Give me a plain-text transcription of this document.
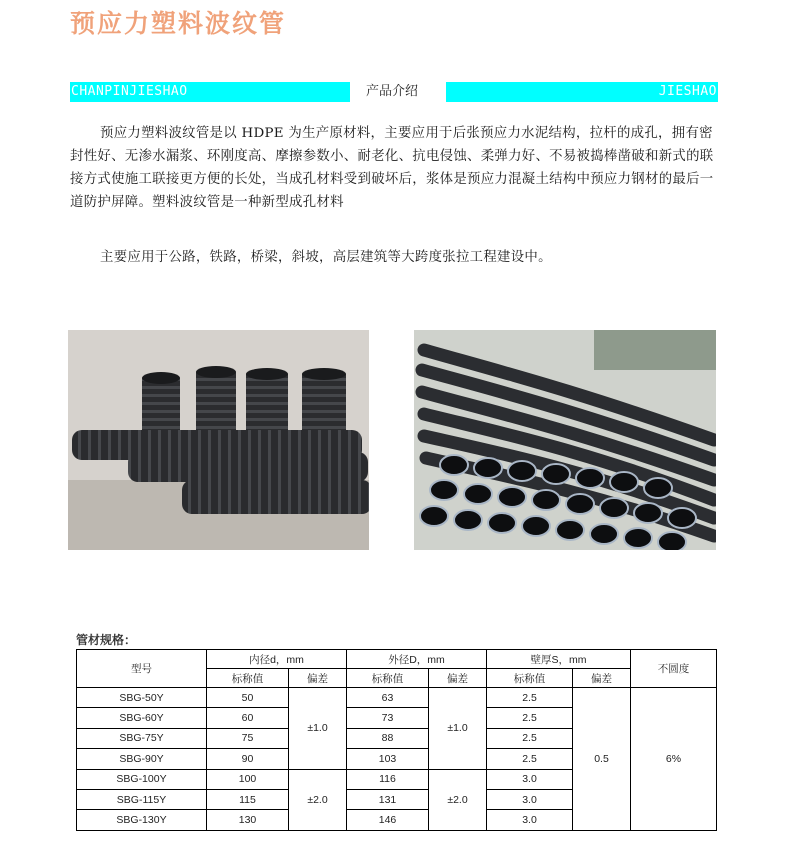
预应力塑料波纹管
CHANPINJIESHAO	产品介绍	JIESHAO

预应力塑料波纹管是以 HDPE 为生产原材料，主要应用于后张预应力水泥结构，拉杆的成孔，拥有密封性好、无渗水漏浆、环刚度高、摩擦参数小、耐老化、抗电侵蚀、柔弹力好、不易被捣棒凿破和新式的联接方式使施工联接更方便的长处，当成孔材料受到破坏后，浆体是预应力混凝土结构中预应力钢材的最后一道防护屏障。塑料波纹管是一种新型成孔材料

主要应用于公路，铁路，桥梁，斜坡，高层建筑等大跨度张拉工程建设中。

管材规格：
型号	内径d，mm		外径D，mm		壁厚S，mm		不圆度
	标称值	偏差	标称值	偏差	标称值	偏差	
SBG-50Y	50	±1.0	63	±1.0	2.5	0.5	6%
SBG-60Y	60		73		2.5		
SBG-75Y	75		88		2.5		
SBG-90Y	90		103		2.5		
SBG-100Y	100	±2.0	116	±2.0	3.0		
SBG-115Y	115		131		3.0		
SBG-130Y	130		146		3.0		
